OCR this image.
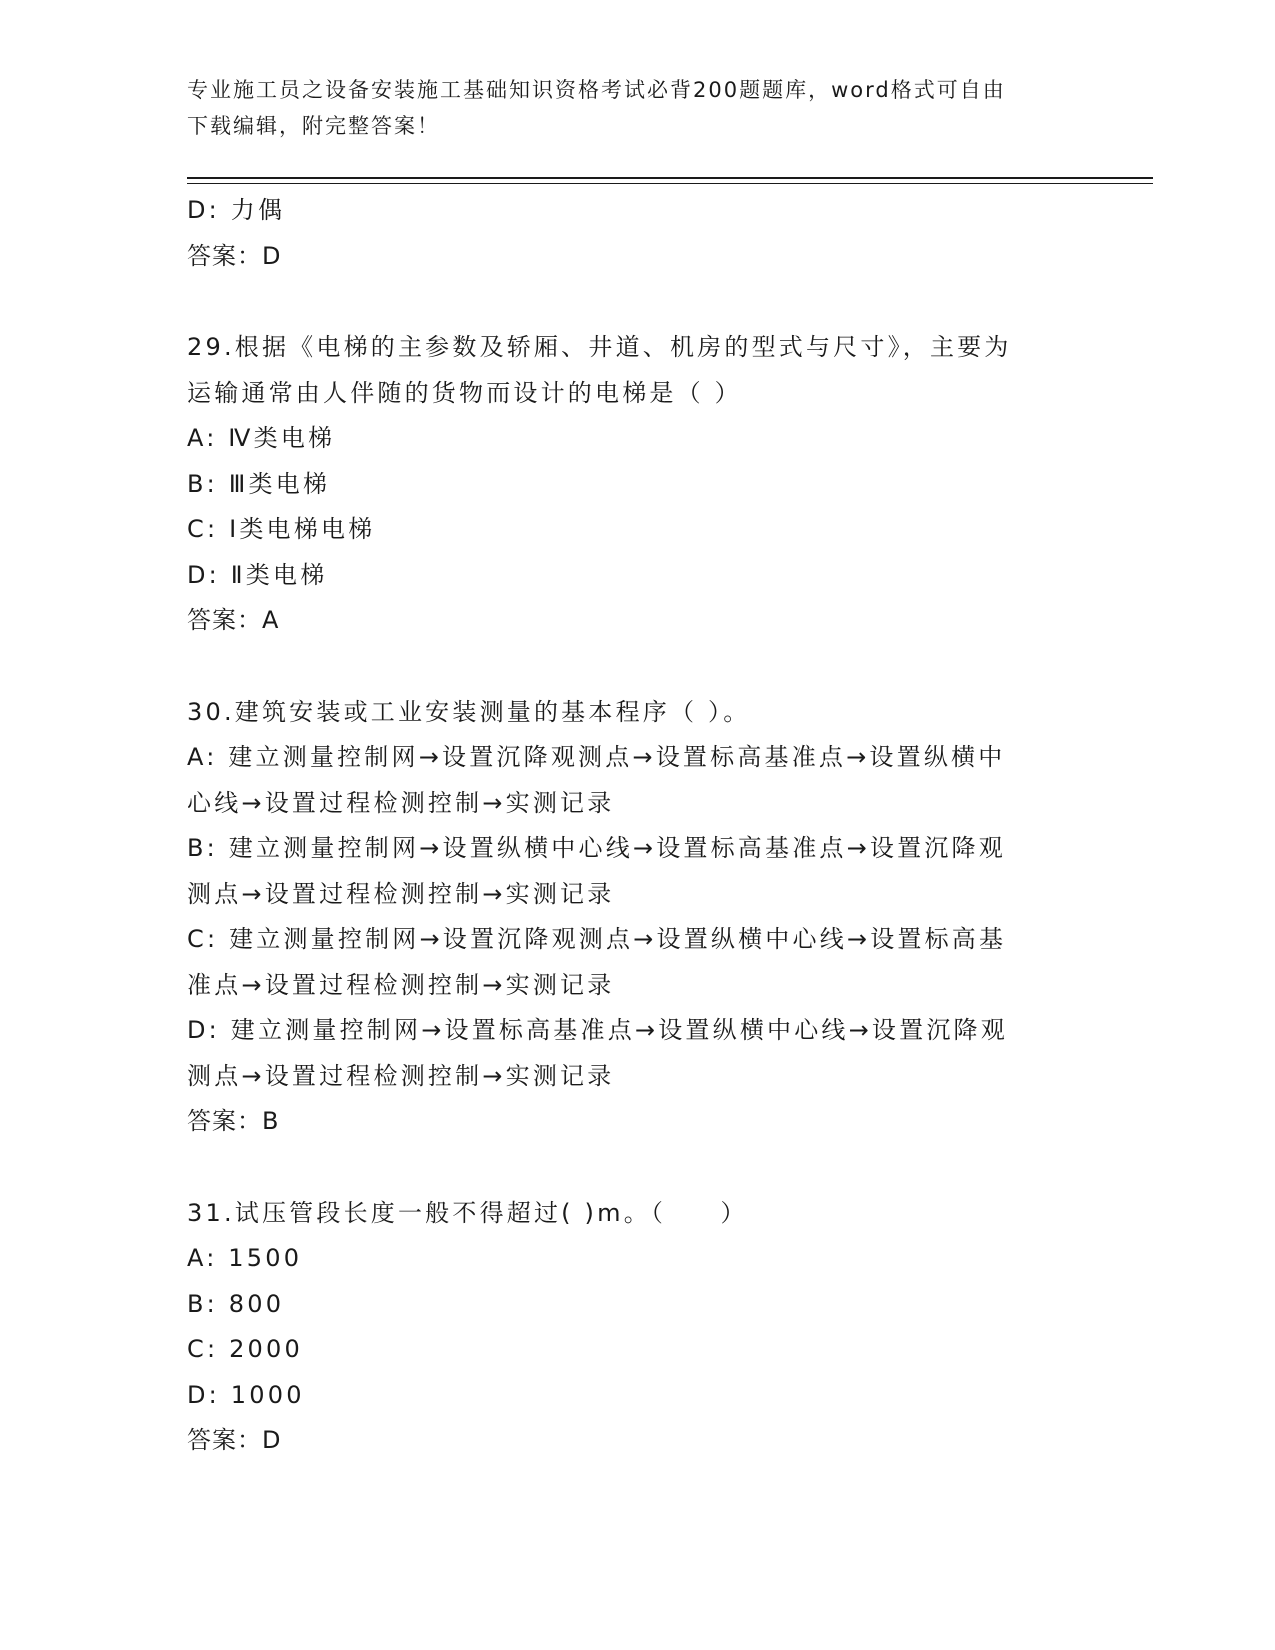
专业施工员之设备安装施工基础知识资格考试必背200题题库，word格式可自由
下载编辑，附完整答案！
D: 力偶
答案：D
29.根据《电梯的主参数及轿厢、井道、机房的型式与尺寸》，主要为
运输通常由人伴随的货物而设计的电梯是（ ）
A: Ⅳ类电梯
B: Ⅲ类电梯
C: Ⅰ类电梯电梯
D: Ⅱ类电梯
答案：A
30.建筑安装或工业安装测量的基本程序（ ）。
A: 建立测量控制网→设置沉降观测点→设置标高基准点→设置纵横中
心线→设置过程检测控制→实测记录
B: 建立测量控制网→设置纵横中心线→设置标高基准点→设置沉降观
测点→设置过程检测控制→实测记录
C: 建立测量控制网→设置沉降观测点→设置纵横中心线→设置标高基
准点→设置过程检测控制→实测记录
D: 建立测量控制网→设置标高基准点→设置纵横中心线→设置沉降观
测点→设置过程检测控制→实测记录
答案：B
31.试压管段长度一般不得超过( )m。（　　）
A: 1500
B: 800
C: 2000
D: 1000
答案：D
